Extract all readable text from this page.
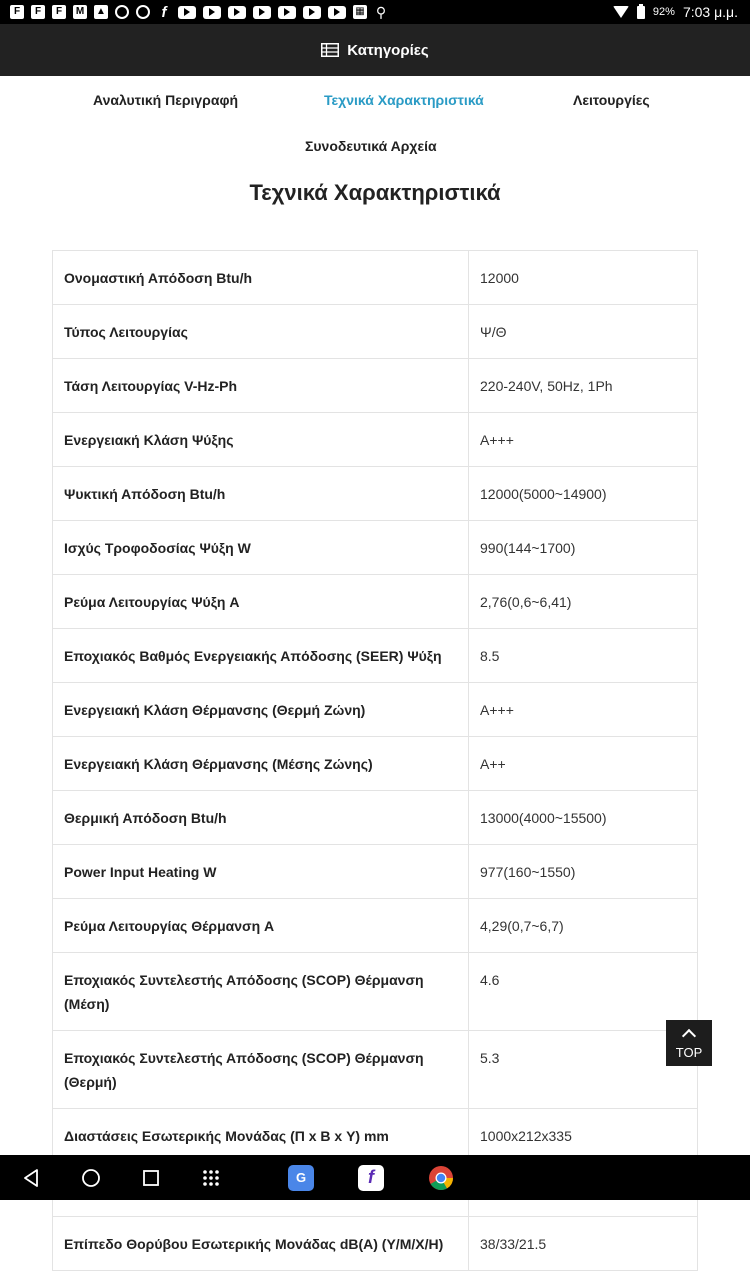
F	F	F	M ▲	f	▦ ⚲	92% 7:03 μ.μ.
Κατηγορίες
Αναλυτική Περιγραφή	Τεχνικά Χαρακτηριστικά	Λειτουργίες
Συνοδευτικά Αρχεία
Τεχνικά Χαρακτηριστικά
Ονομαστική Απόδοση Btu/h	12000
Τύπος Λειτουργίας	Ψ/Θ
Τάση Λειτουργίας V-Hz-Ph	220-240V, 50Hz, 1Ph
Ενεργειακή Κλάση Ψύξης	A+++
Ψυκτική Απόδοση Btu/h	12000(5000~14900)
Ισχύς Τροφοδοσίας Ψύξη W	990(144~1700)
Ρεύμα Λειτουργίας Ψύξη A	2,76(0,6~6,41)
Εποχιακός Βαθμός Ενεργειακής Απόδοσης (SEER) Ψύξη	8.5
Ενεργειακή Κλάση Θέρμανσης (Θερμή Ζώνη)	A+++
Ενεργειακή Κλάση Θέρμανσης (Μέσης Ζώνης)	A++
Θερμική Απόδοση Btu/h	13000(4000~15500)
Power Input Heating W	977(160~1550)
Ρεύμα Λειτουργίας Θέρμανση A	4,29(0,7~6,7)
Εποχιακός Συντελεστής Απόδοσης (SCOP) Θέρμανση (Μέση)	4.6
Εποχιακός Συντελεστής Απόδοσης (SCOP) Θέρμανση (Θερμή)	5.3
Διαστάσεις Εσωτερικής Μονάδας (Π x Β x Υ) mm	1000x212x335

Επίπεδο Θορύβου Εσωτερικής Μονάδας dB(A) (Υ/Μ/Χ/Η)	38/33/21.5
TOP
G	f
